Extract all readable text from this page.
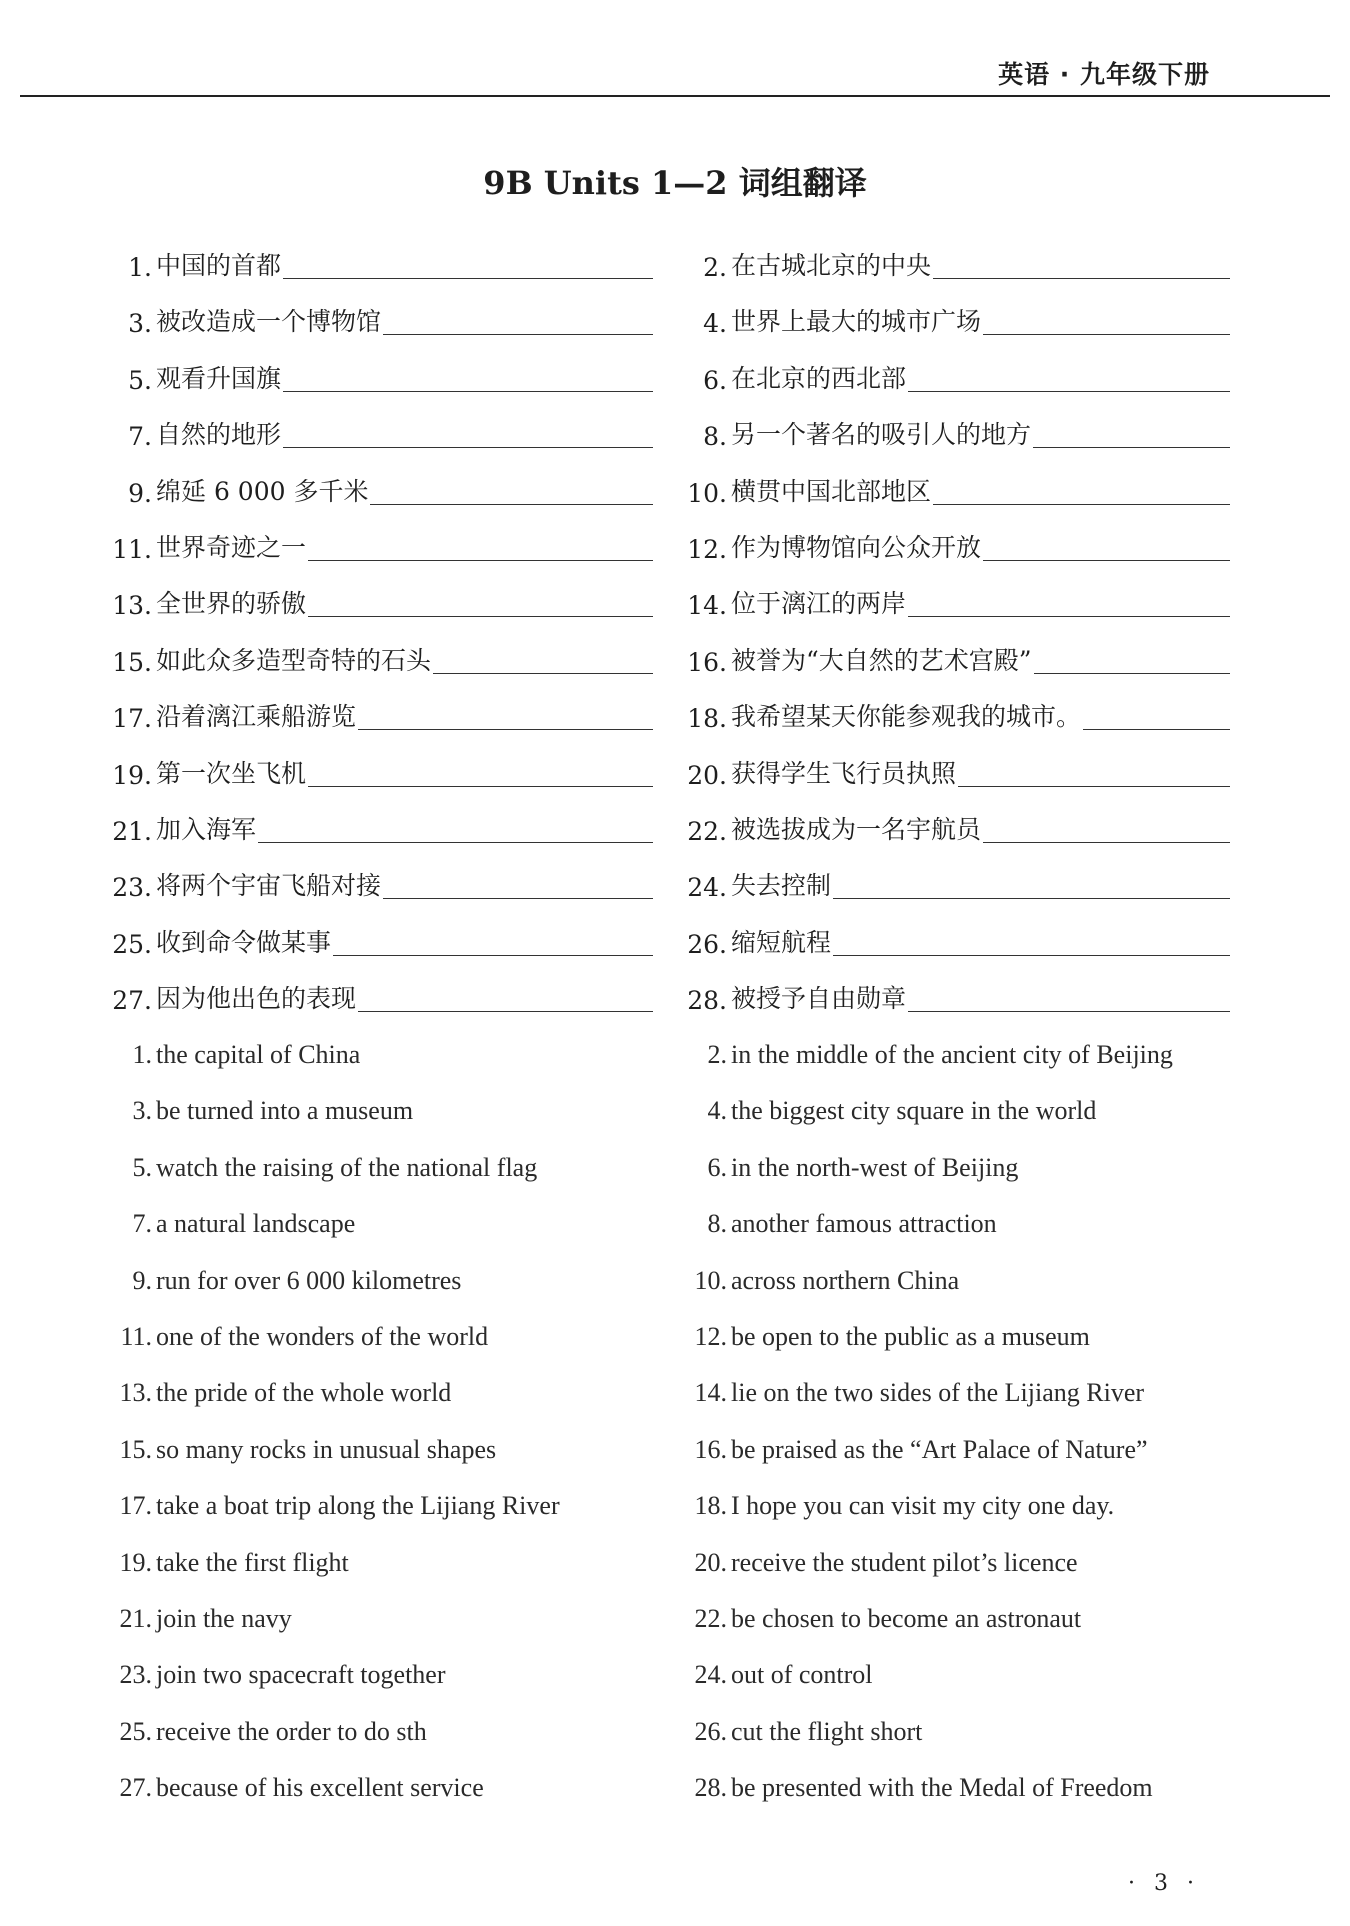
英语 · 九年级下册
9B Units 1—2 词组翻译
1. 中国的首都	2. 在古城北京的中央
3. 被改造成一个博物馆	4. 世界上最大的城市广场
5. 观看升国旗	6. 在北京的西北部
7. 自然的地形	8. 另一个著名的吸引人的地方
9. 绵延 6 000 多千米	10. 横贯中国北部地区
11. 世界奇迹之一	12. 作为博物馆向公众开放
13. 全世界的骄傲	14. 位于漓江的两岸
15. 如此众多造型奇特的石头	16. 被誉为“大自然的艺术宫殿”
17. 沿着漓江乘船游览	18. 我希望某天你能参观我的城市。
19. 第一次坐飞机	20. 获得学生飞行员执照
21. 加入海军	22. 被选拔成为一名宇航员
23. 将两个宇宙飞船对接	24. 失去控制
25. 收到命令做某事	26. 缩短航程
27. 因为他出色的表现	28. 被授予自由勋章
1. the capital of China	2. in the middle of the ancient city of Beijing
3. be turned into a museum	4. the biggest city square in the world
5. watch the raising of the national flag	6. in the north-west of Beijing
7. a natural landscape	8. another famous attraction
9. run for over 6 000 kilometres	10. across northern China
11. one of the wonders of the world	12. be open to the public as a museum
13. the pride of the whole world	14. lie on the two sides of the Lijiang River
15. so many rocks in unusual shapes	16. be praised as the “Art Palace of Nature”
17. take a boat trip along the Lijiang River	18. I hope you can visit my city one day.
19. take the first flight	20. receive the student pilot’s licence
21. join the navy	22. be chosen to become an astronaut
23. join two spacecraft together	24. out of control
25. receive the order to do sth	26. cut the flight short
27. because of his excellent service	28. be presented with the Medal of Freedom
· 3 ·
